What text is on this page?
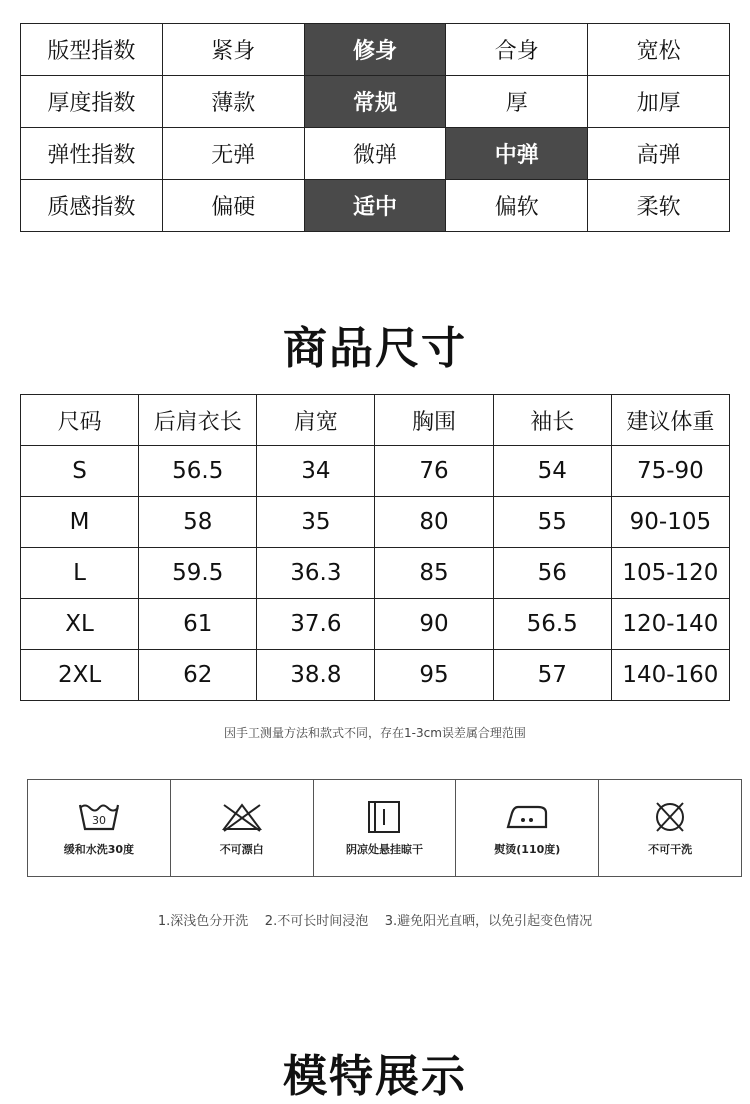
版型指数	紧身	修身	合身	宽松
厚度指数	薄款	常规	厚	加厚
弹性指数	无弹	微弹	中弹	高弹
质感指数	偏硬	适中	偏软	柔软
商品尺寸
尺码	后肩衣长	肩宽	胸围	袖长	建议体重
S	56.5	34	76	54	75-90
M	58	35	80	55	90-105
L	59.5	36.3	85	56	105-120
XL	61	37.6	90	56.5	120-140
2XL	62	38.8	95	57	140-160
因手工测量方法和款式不同，存在1-3cm误差属合理范围
30
缓和水洗30度	不可漂白	阴凉处悬挂晾干	熨烫(110度)	不可干洗
1.深浅色分开洗    2.不可长时间浸泡    3.避免阳光直晒，以免引起变色情况
模特展示
